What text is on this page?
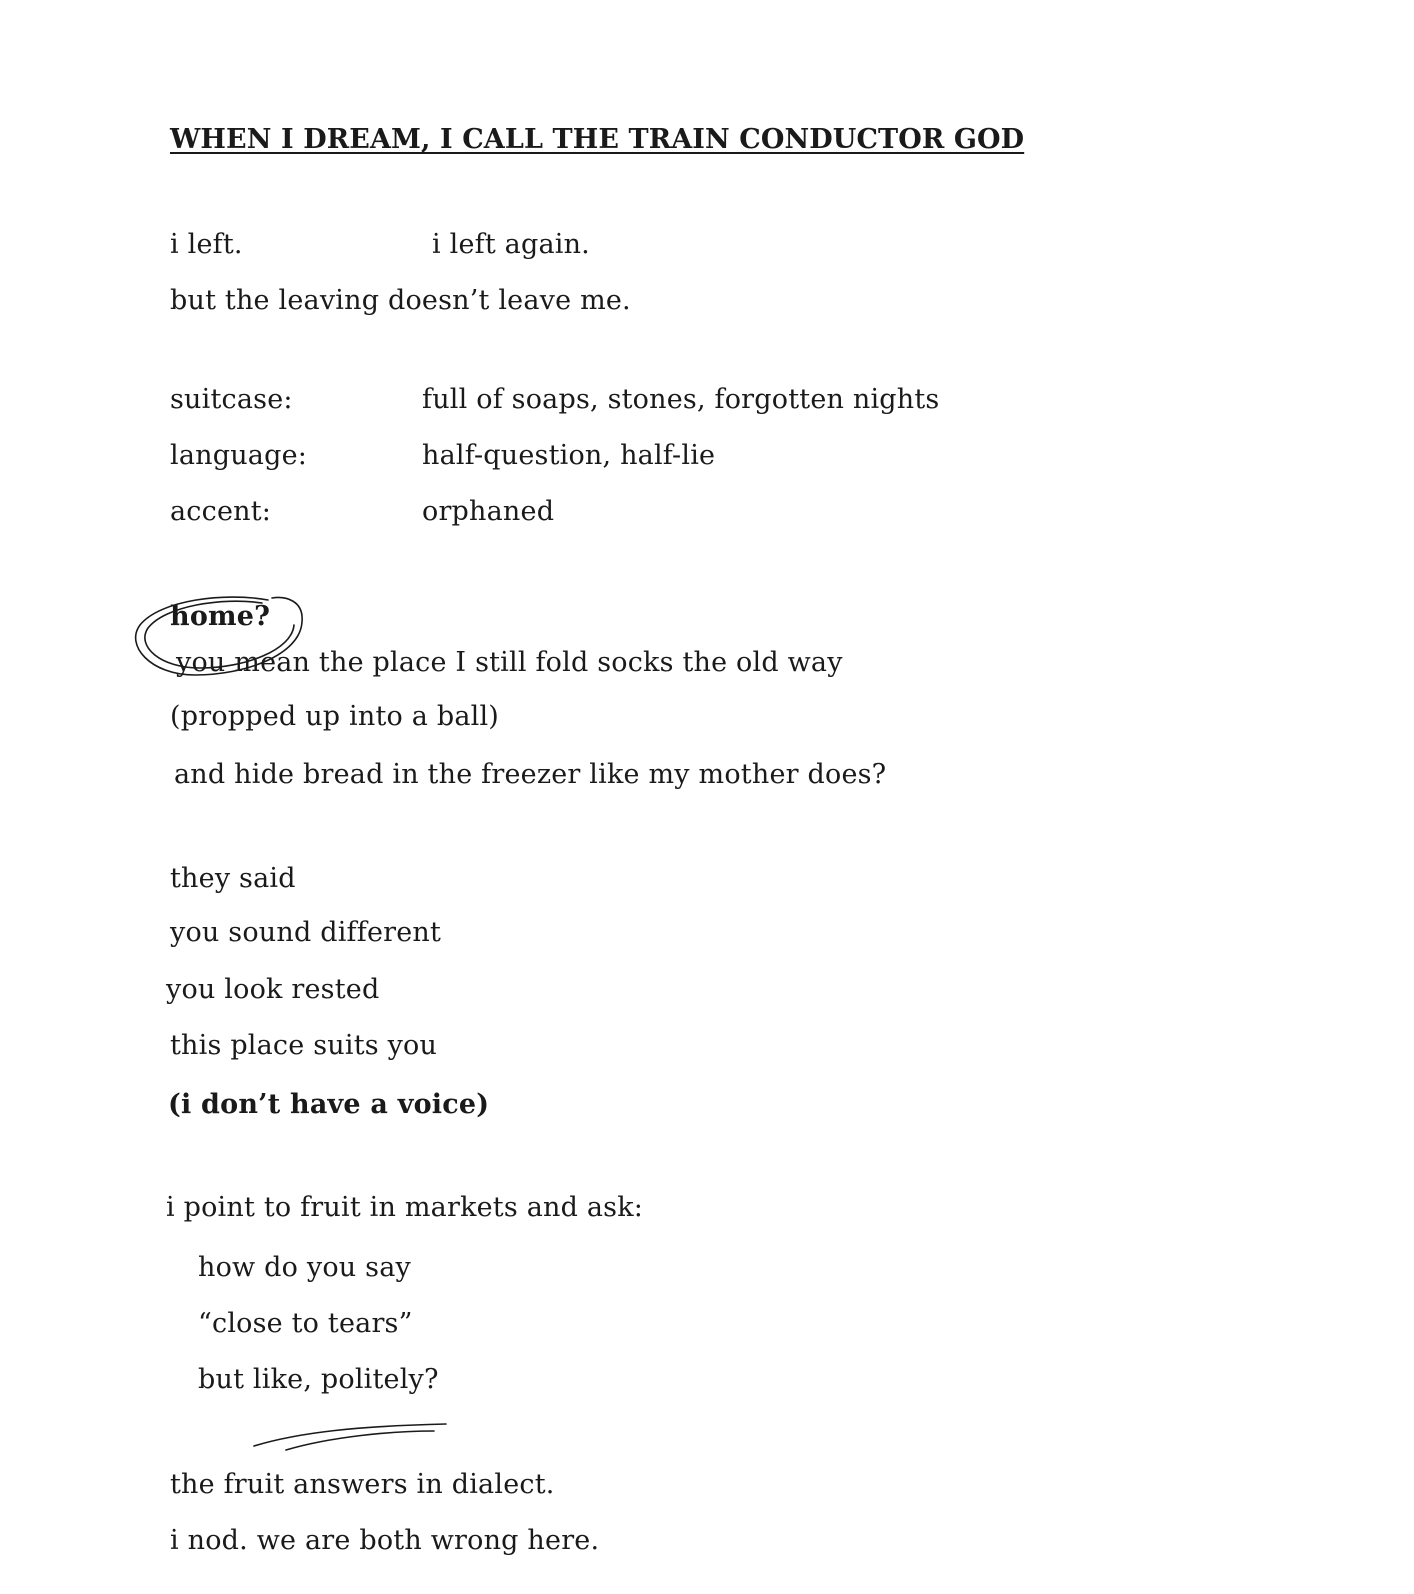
WHEN I DREAM, I CALL THE TRAIN CONDUCTOR GOD
i left.	i left again.
but the leaving doesn’t leave me.
suitcase:	full of soaps, stones, forgotten nights
language:	half-question, half-lie
accent:	orphaned
home?
you mean the place I still fold socks the old way
(propped up into a ball)
and hide bread in the freezer like my mother does?
they said
you sound different
you look rested
this place suits you
(i don’t have a voice)
i point to fruit in markets and ask:
how do you say
“close to tears”
but like, politely?
the fruit answers in dialect.
i nod. we are both wrong here.
